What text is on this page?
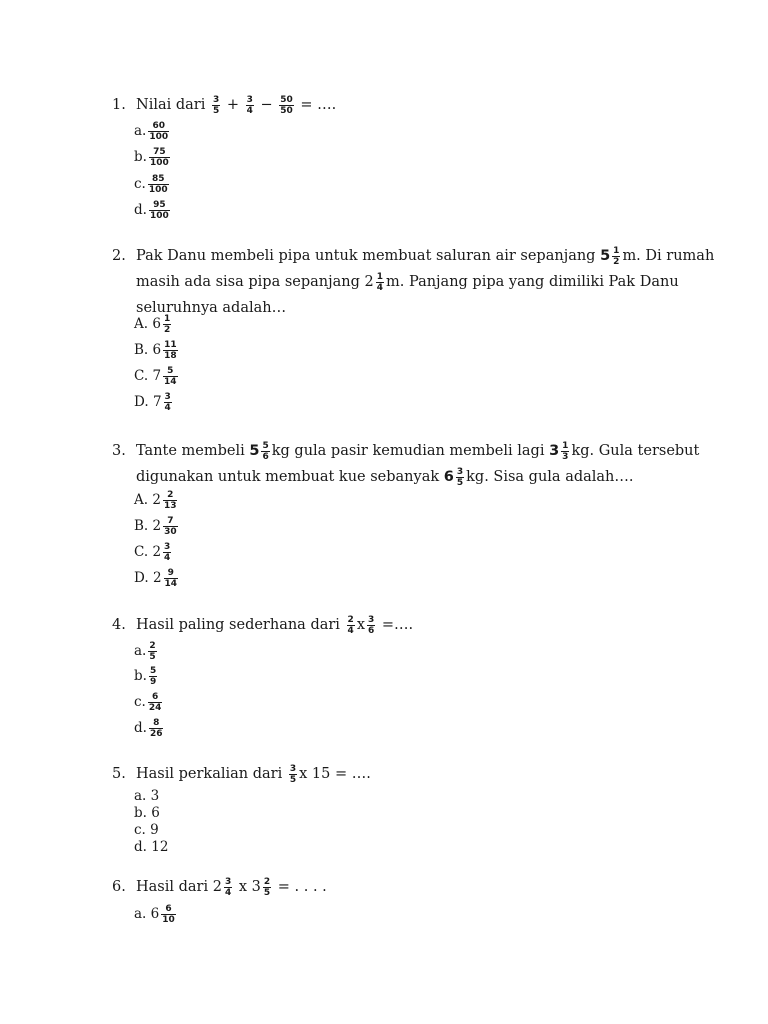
1. Nilai dari $\frac{3}{5} + \frac{3}{4} - \frac{50}{50}$ = ….
a. $\frac{60}{100}$
b. $\frac{75}{100}$
c. $\frac{85}{100}$
d. $\frac{95}{100}$
2. Pak Danu membeli pipa untuk membuat saluran air sepanjang $5 \frac{1}{2} m$. Di rumah
masih ada sisa pipa sepanjang $2 \frac{1}{4} m$. Panjang pipa yang dimiliki Pak Danu
seluruhnya adalah…
A. $6 \frac{1}{2}$
B. $6 \frac{11}{18}$
C. $7 \frac{5}{14}$
D. $7 \frac{3}{4}$
3. Tante membeli $5 \frac{5}{6}$ kg gula pasir kemudian membeli lagi $3 \frac{1}{3}$ kg. Gula tersebut
digunakan untuk membuat kue sebanyak $6 \frac{3}{5}$ kg. Sisa gula adalah….
A. $2 \frac{2}{13}$
B. $2 \frac{7}{30}$
C. $2 \frac{3}{4}$
D. $2 \frac{9}{14}$
4. Hasil paling sederhana dari $\frac{2}{4}$ x $\frac{3}{6}$ =….
a. $\frac{2}{5}$
b. $\frac{5}{9}$
c. $\frac{6}{24}$
d. $\frac{8}{26}$
5. Hasil perkalian dari $\frac{3}{5}$ x 15 = ….
a. 3
b. 6
c. 9
d. 12
6. Hasil dari $2 \frac{3}{4}$ x $3 \frac{2}{5}$ = . . . .
a. $6 \frac{6}{10}$
